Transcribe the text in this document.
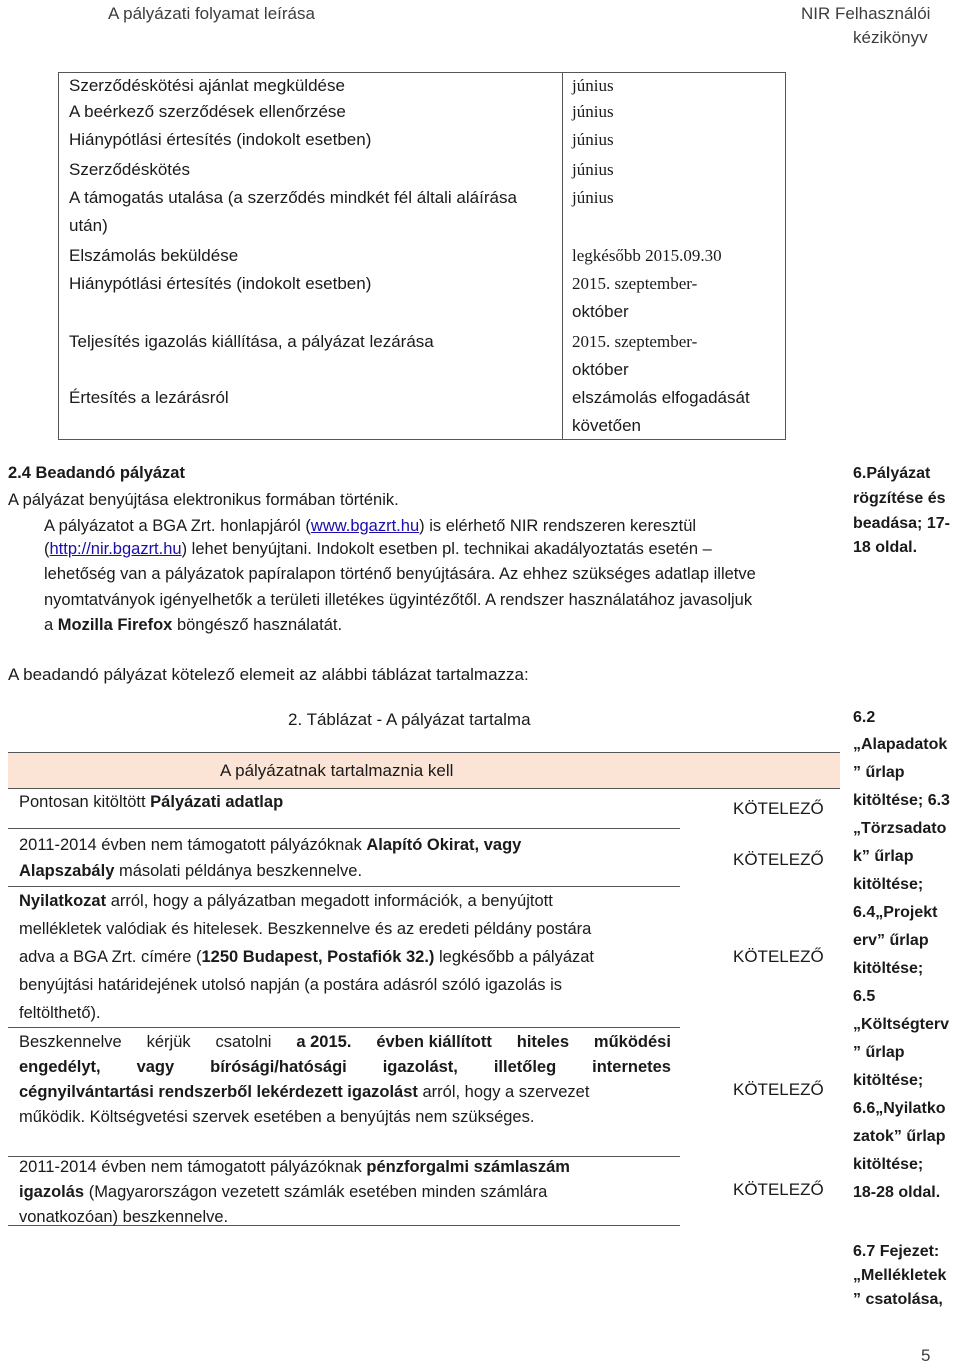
A pályázati folyamat leírása	NIR Felhasználói
kézikönyv
Szerződéskötési ajánlat megküldése	június
A beérkező szerződések ellenőrzése	június
Hiánypótlási értesítés (indokolt esetben)	június
Szerződéskötés	június
A támogatás utalása (a szerződés mindkét fél általi aláírása
után)
június
Elszámolás beküldése	legkésőbb 2015.09.30
Hiánypótlási értesítés (indokolt esetben)	2015. szeptember-
október
Teljesítés igazolás kiállítása, a pályázat lezárása	2015. szeptember-
október
Értesítés a lezárásról	elszámolás elfogadását
követően
2.4 Beadandó pályázat
A pályázat benyújtása elektronikus formában történik.
A pályázatot a BGA Zrt. honlapjáról (www.bgazrt.hu) is elérhető NIR rendszeren keresztül
(http://nir.bgazrt.hu) lehet benyújtani. Indokolt esetben pl. technikai akadályoztatás esetén ‒
lehetőség van a pályázatok papíralapon történő benyújtására. Az ehhez szükséges adatlap illetve
nyomtatványok igényelhetők a területi illetékes ügyintézőtől. A rendszer használatához javasoljuk
a Mozilla Firefox böngésző használatát.
6.Pályázat
rögzítése és
beadása; 17-
18 oldal.
A beadandó pályázat kötelező elemeit az alábbi táblázat tartalmazza:
2. Táblázat - A pályázat tartalma
A pályázatnak tartalmaznia kell
Pontosan kitöltött Pályázati adatlap	KÖTELEZŐ
2011-2014 évben nem támogatott pályázóknak Alapító Okirat, vagy
Alapszabály másolati példánya beszkennelve.
KÖTELEZŐ
Nyilatkozat arról, hogy a pályázatban megadott információk, a benyújtott
mellékletek valódiak és hitelesek. Beszkennelve és az eredeti példány postára
adva a BGA Zrt. címére (1250 Budapest, Postafiók 32.) legkésőbb a pályázat
benyújtási határidejének utolsó napján (a postára adásról szóló igazolás is
feltölthető).
KÖTELEZŐ
Beszkennelve kérjük csatolni a 2015. évben kiállított hiteles működési
engedélyt, vagy bírósági/hatósági igazolást, illetőleg internetes
cégnyilvántartási rendszerből lekérdezett igazolást arról, hogy a szervezet
működik. Költségvetési szervek esetében a benyújtás nem szükséges.
KÖTELEZŐ
2011-2014 évben nem támogatott pályázóknak pénzforgalmi számlaszám
igazolás (Magyarországon vezetett számlák esetében minden számlára
vonatkozóan) beszkennelve.
KÖTELEZŐ
6.2
„Alapadatok
” űrlap
kitöltése; 6.3
„Törzsadato
k” űrlap
kitöltése;
6.4„Projekt
erv” űrlap
kitöltése;
6.5
„Költségterv
” űrlap
kitöltése;
6.6„Nyilatko
zatok” űrlap
kitöltése;
18-28 oldal.
6.7 Fejezet:
„Mellékletek
” csatolása,
5
